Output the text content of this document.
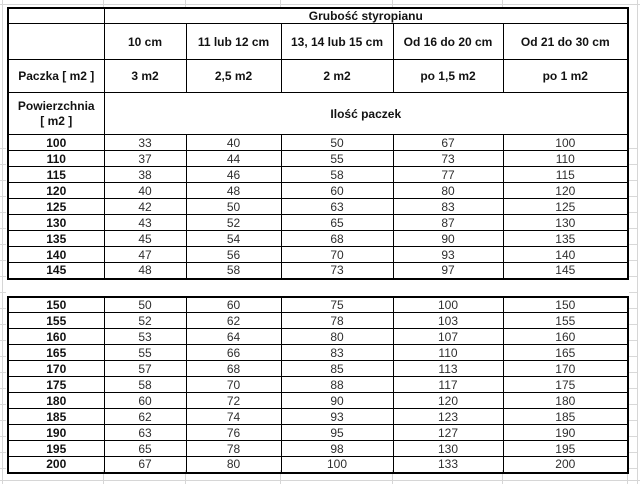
	Grubość styropianu				
	10 cm	11 lub 12 cm	13, 14 lub 15 cm	Od 16 do 20 cm	Od 21 do 30 cm
Paczka [ m2 ]	3 m2	2,5 m2	2 m2	po 1,5 m2	po 1 m2

Powierzchnia
[ m2 ]	Ilość paczek				
100	33	40	50	67	100
110	37	44	55	73	110
115	38	46	58	77	115
120	40	48	60	80	120
125	42	50	63	83	125
130	43	52	65	87	130
135	45	54	68	90	135
140	47	56	70	93	140
145	48	58	73	97	145

150	50	60	75	100	150
155	52	62	78	103	155
160	53	64	80	107	160
165	55	66	83	110	165
170	57	68	85	113	170
175	58	70	88	117	175
180	60	72	90	120	180
185	62	74	93	123	185
190	63	76	95	127	190
195	65	78	98	130	195
200	67	80	100	133	200
